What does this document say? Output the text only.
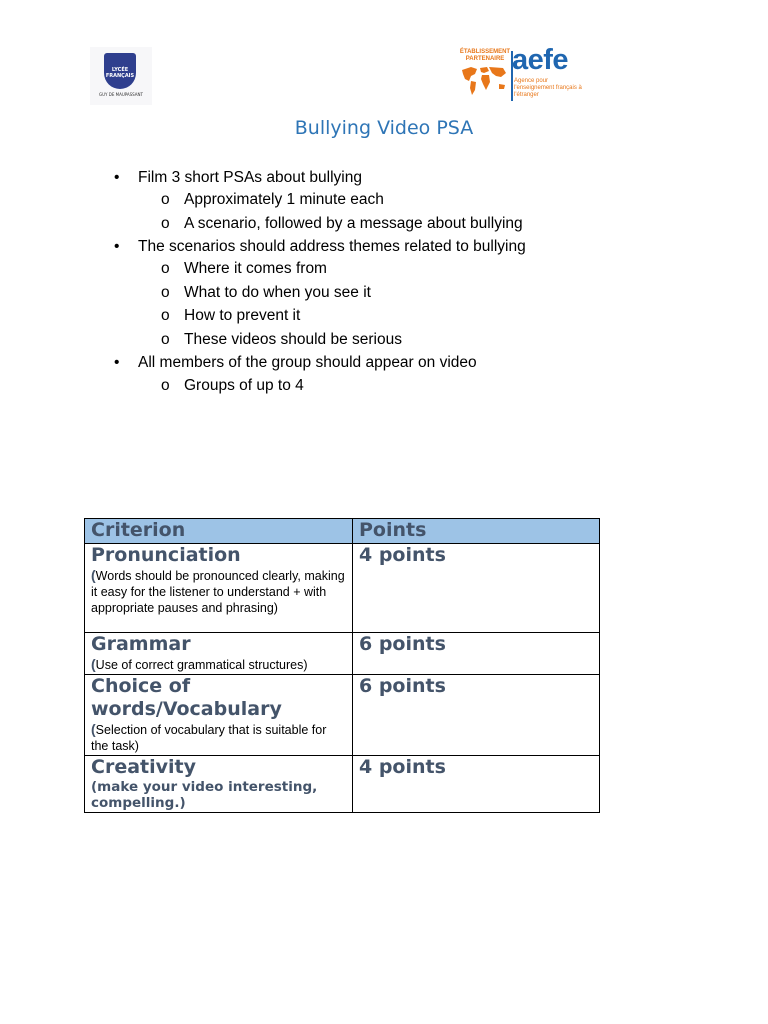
LYCÉE FRANÇAIS
GUY DE MAUPASSANT
ÉTABLISSEMENT PARTENAIRE aefe
Agence pour l'enseignement français à l'étranger
Bullying Video PSA
• Film 3 short PSAs about bullying
o Approximately 1 minute each
o A scenario, followed by a message about bullying
• The scenarios should address themes related to bullying
o Where it comes from
o What to do when you see it
o How to prevent it
o These videos should be serious
• All members of the group should appear on video
o Groups of up to 4
Criterion	Points

Pronunciation
(Words should be pronounced clearly, making it easy for the listener to understand + with appropriate pauses and phrasing)	4 points

Grammar
(Use of correct grammatical structures)	6 points

Choice of words/Vocabulary
(Selection of vocabulary that is suitable for the task)	6 points

Creativity
(make your video interesting, compelling.)	4 points
